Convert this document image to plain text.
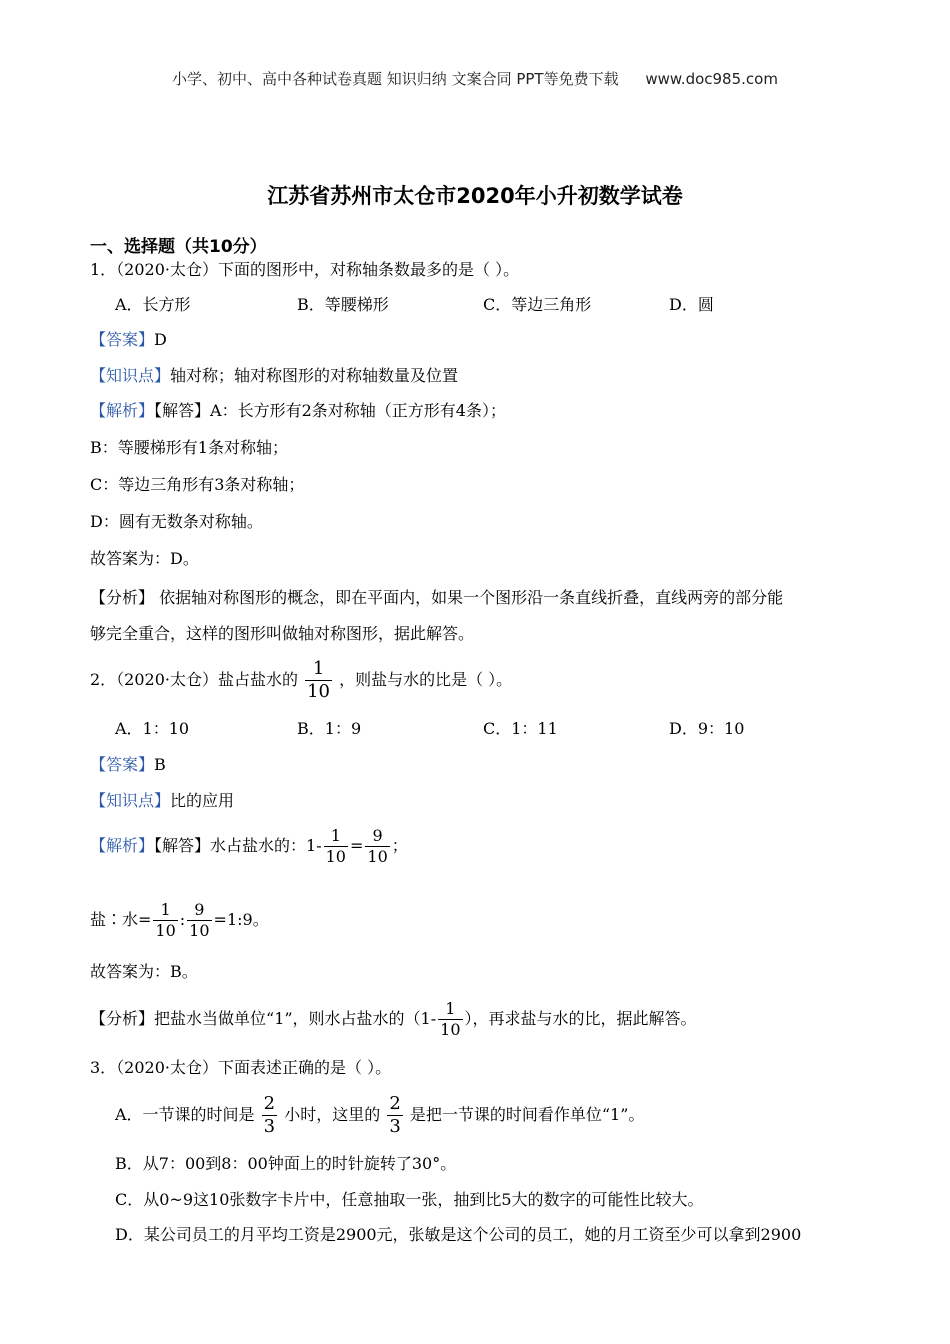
小学、初中、高中各种试卷真题 知识归纳 文案合同 PPT等免费下载 www.doc985.com
江苏省苏州市太仓市2020年小升初数学试卷
一、选择题（共10分）
1．（2020·太仓）下面的图形中，对称轴条数最多的是（ ）。
A．长方形	B．等腰梯形	C．等边三角形	D．圆
【答案】D
【知识点】轴对称；轴对称图形的对称轴数量及位置
【解析】【解答】A：长方形有2条对称轴（正方形有4条）；
B：等腰梯形有1条对称轴；
C：等边三角形有3条对称轴；
D：圆有无数条对称轴。
故答案为：D。
【分析】 依据轴对称图形的概念，即在平面内，如果一个图形沿一条直线折叠，直线两旁的部分能
够完全重合，这样的图形叫做轴对称图形，据此解答。
2．（2020·太仓）盐占盐水的 $\frac{1}{10}$ ，则盐与水的比是（ ）。
A．1：10	B．1：9	C．1：11	D．9：10
【答案】B
【知识点】比的应用
【解析】【解答】水占盐水的：$1- \frac{1}{10} = \frac{9}{10}$ ；
盐∶水= $\frac{1}{10}$ : $\frac{9}{10}$ =1:9。
故答案为：B。
【分析】把盐水当做单位“1”，则水占盐水的（$1- \frac{1}{10}$ ），再求盐与水的比，据此解答。
3．（2020·太仓）下面表述正确的是（ ）。
A．一节课的时间是 $\frac{2}{3}$ 小时，这里的 $\frac{2}{3}$ 是把一节课的时间看作单位“1”。
B．从7：00到8：00钟面上的时针旋转了30°。
C．从0~9这10张数字卡片中，任意抽取一张，抽到比5大的数字的可能性比较大。
D．某公司员工的月平均工资是2900元，张敏是这个公司的员工，她的月工资至少可以拿到2900
